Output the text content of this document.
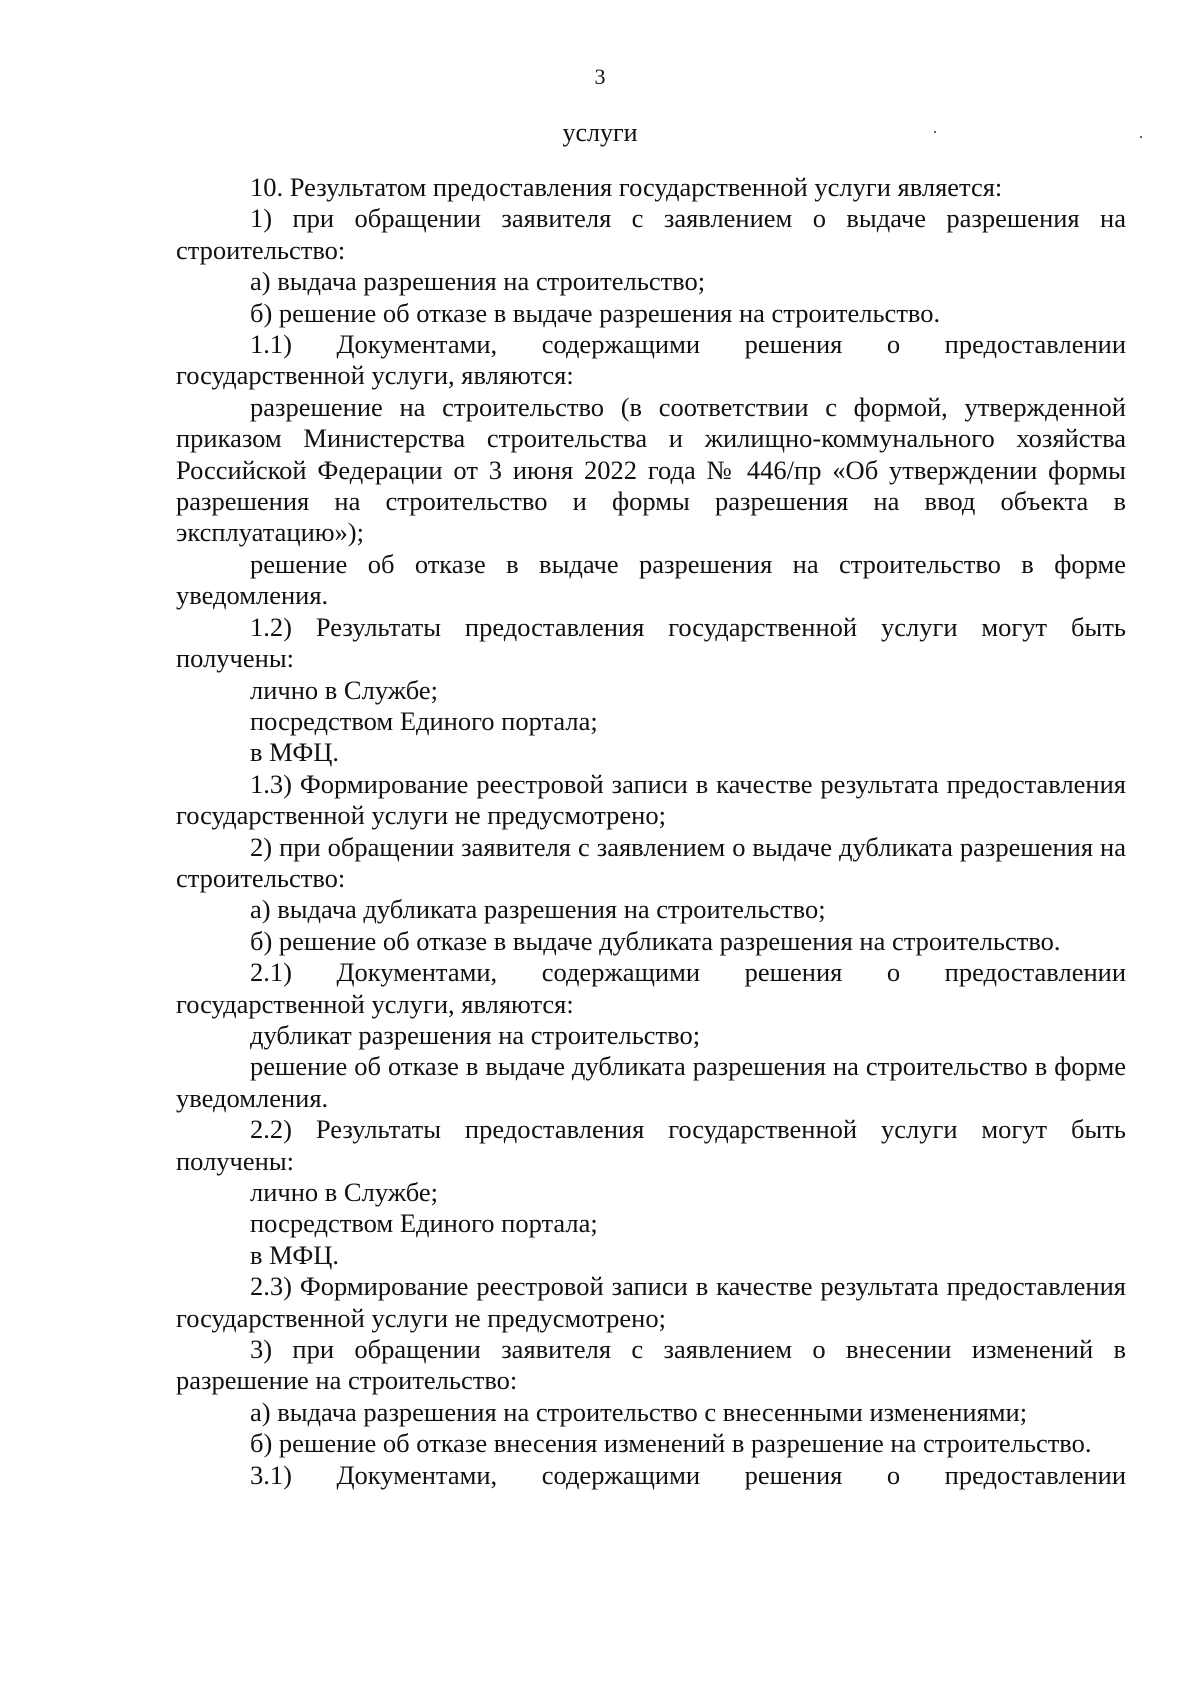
3
услуги

10. Результатом предоставления государственной услуги является:

1) при обращении заявителя с заявлением о выдаче разрешения на строительство:

а) выдача разрешения на строительство;

б) решение об отказе в выдаче разрешения на строительство.

1.1) Документами, содержащими решения о предоставлении государственной услуги, являются:

разрешение на строительство (в соответствии с формой, утвержденной приказом Министерства строительства и жилищно-коммунального хозяйства Российской Федерации от 3 июня 2022 года № 446/пр «Об утверждении формы разрешения на строительство и формы разрешения на ввод объекта в эксплуатацию»);

решение об отказе в выдаче разрешения на строительство в форме уведомления.

1.2) Результаты предоставления государственной услуги могут быть получены:

лично в Службе;

посредством Единого портала;

в МФЦ.

1.3) Формирование реестровой записи в качестве результата предоставления государственной услуги не предусмотрено;

2) при обращении заявителя с заявлением о выдаче дубликата разрешения на строительство:

а) выдача дубликата разрешения на строительство;

б) решение об отказе в выдаче дубликата разрешения на строительство.

2.1) Документами, содержащими решения о предоставлении государственной услуги, являются:

дубликат разрешения на строительство;

решение об отказе в выдаче дубликата разрешения на строительство в форме уведомления.

2.2) Результаты предоставления государственной услуги могут быть получены:

лично в Службе;

посредством Единого портала;

в МФЦ.

2.3) Формирование реестровой записи в качестве результата предоставления государственной услуги не предусмотрено;

3) при обращении заявителя с заявлением о внесении изменений в разрешение на строительство:

а) выдача разрешения на строительство с внесенными изменениями;

б) решение об отказе внесения изменений в разрешение на строительство.

3.1) Документами, содержащими решения о предоставлении
